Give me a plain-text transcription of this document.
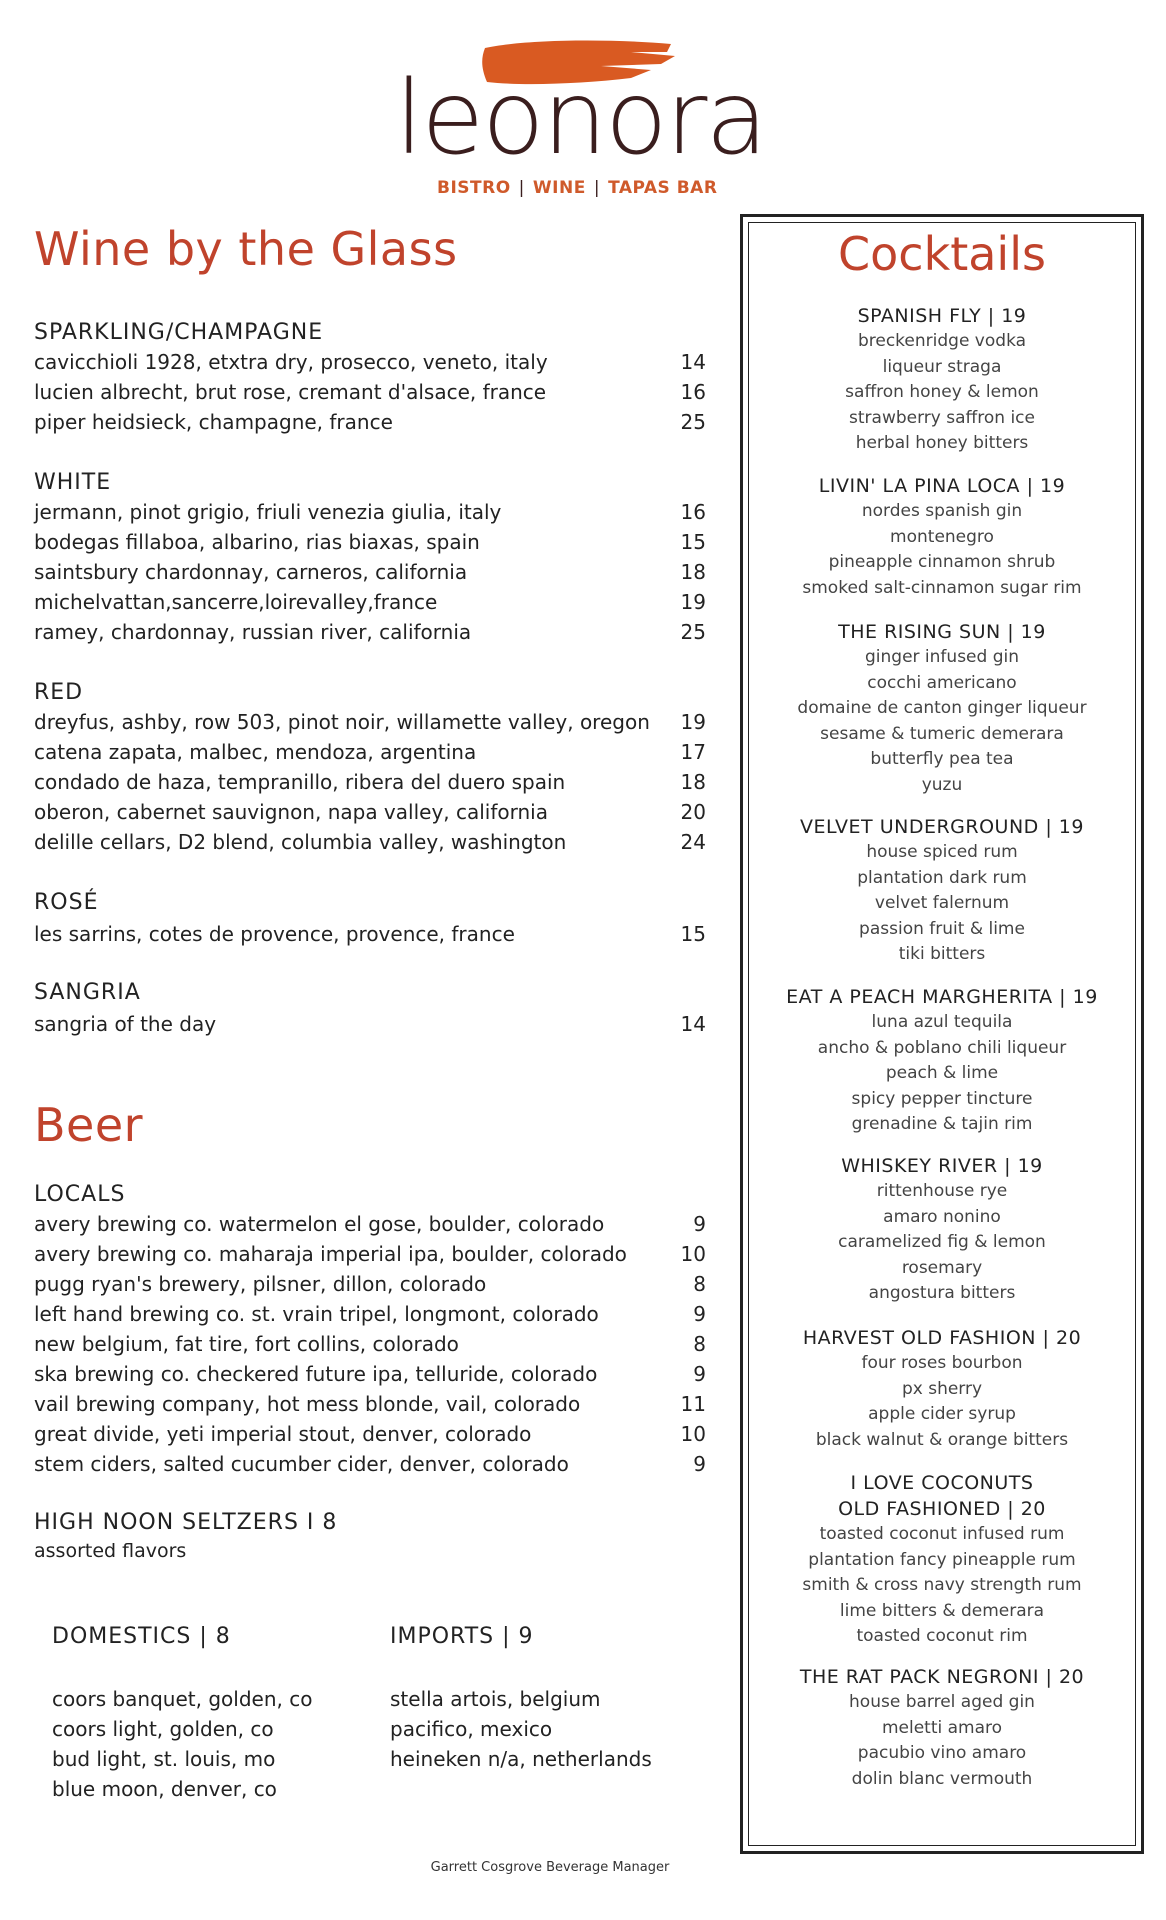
leonora
BISTRO | WINE | TAPAS BAR
Wine by the Glass
SPARKLING/CHAMPAGNE
cavicchioli 1928, etxtra dry, prosecco, veneto, italy	14
lucien albrecht, brut rose, cremant d'alsace, france	16
piper heidsieck, champagne, france	25
WHITE
jermann, pinot grigio, friuli venezia giulia, italy	16
bodegas fillaboa, albarino, rias biaxas, spain	15
saintsbury chardonnay, carneros, california	18
michelvattan,sancerre,loirevalley,france	19
ramey, chardonnay, russian river, california	25
RED
dreyfus, ashby, row 503, pinot noir, willamette valley, oregon	19
catena zapata, malbec, mendoza, argentina	17
condado de haza, tempranillo, ribera del duero spain	18
oberon, cabernet sauvignon, napa valley, california	20
delille cellars, D2 blend, columbia valley, washington	24
ROSÉ
les sarrins, cotes de provence, provence, france	15
SANGRIA
sangria of the day	14
Beer
LOCALS
avery brewing co. watermelon el gose, boulder, colorado	9
avery brewing co. maharaja imperial ipa, boulder, colorado	10
pugg ryan's brewery, pilsner, dillon, colorado	8
left hand brewing co. st. vrain tripel, longmont, colorado	9
new belgium, fat tire, fort collins, colorado	8
ska brewing co. checkered future ipa, telluride, colorado	9
vail brewing company, hot mess blonde, vail, colorado	11
great divide, yeti imperial stout, denver, colorado	10
stem ciders, salted cucumber cider, denver, colorado	9
HIGH NOON SELTZERS I 8
assorted flavors
DOMESTICS | 8
coors banquet, golden, co
coors light, golden, co
bud light, st. louis, mo
blue moon, denver, co
IMPORTS | 9
stella artois, belgium
pacifico, mexico
heineken n/a, netherlands
Cocktails
SPANISH FLY | 19
breckenridge vodka
liqueur straga
saffron honey & lemon
strawberry saffron ice
herbal honey bitters
LIVIN' LA PINA LOCA | 19
nordes spanish gin
montenegro
pineapple cinnamon shrub
smoked salt-cinnamon sugar rim
THE RISING SUN | 19
ginger infused gin
cocchi americano
domaine de canton ginger liqueur
sesame & tumeric demerara
butterfly pea tea
yuzu
VELVET UNDERGROUND | 19
house spiced rum
plantation dark rum
velvet falernum
passion fruit & lime
tiki bitters
EAT A PEACH MARGHERITA | 19
luna azul tequila
ancho & poblano chili liqueur
peach & lime
spicy pepper tincture
grenadine & tajin rim
WHISKEY RIVER | 19
rittenhouse rye
amaro nonino
caramelized fig & lemon
rosemary
angostura bitters
HARVEST OLD FASHION | 20
four roses bourbon
px sherry
apple cider syrup
black walnut & orange bitters
I LOVE COCONUTS
OLD FASHIONED | 20
toasted coconut infused rum
plantation fancy pineapple rum
smith & cross navy strength rum
lime bitters & demerara
toasted coconut rim
THE RAT PACK NEGRONI | 20
house barrel aged gin
meletti amaro
pacubio vino amaro
dolin blanc vermouth
Garrett Cosgrove Beverage Manager
